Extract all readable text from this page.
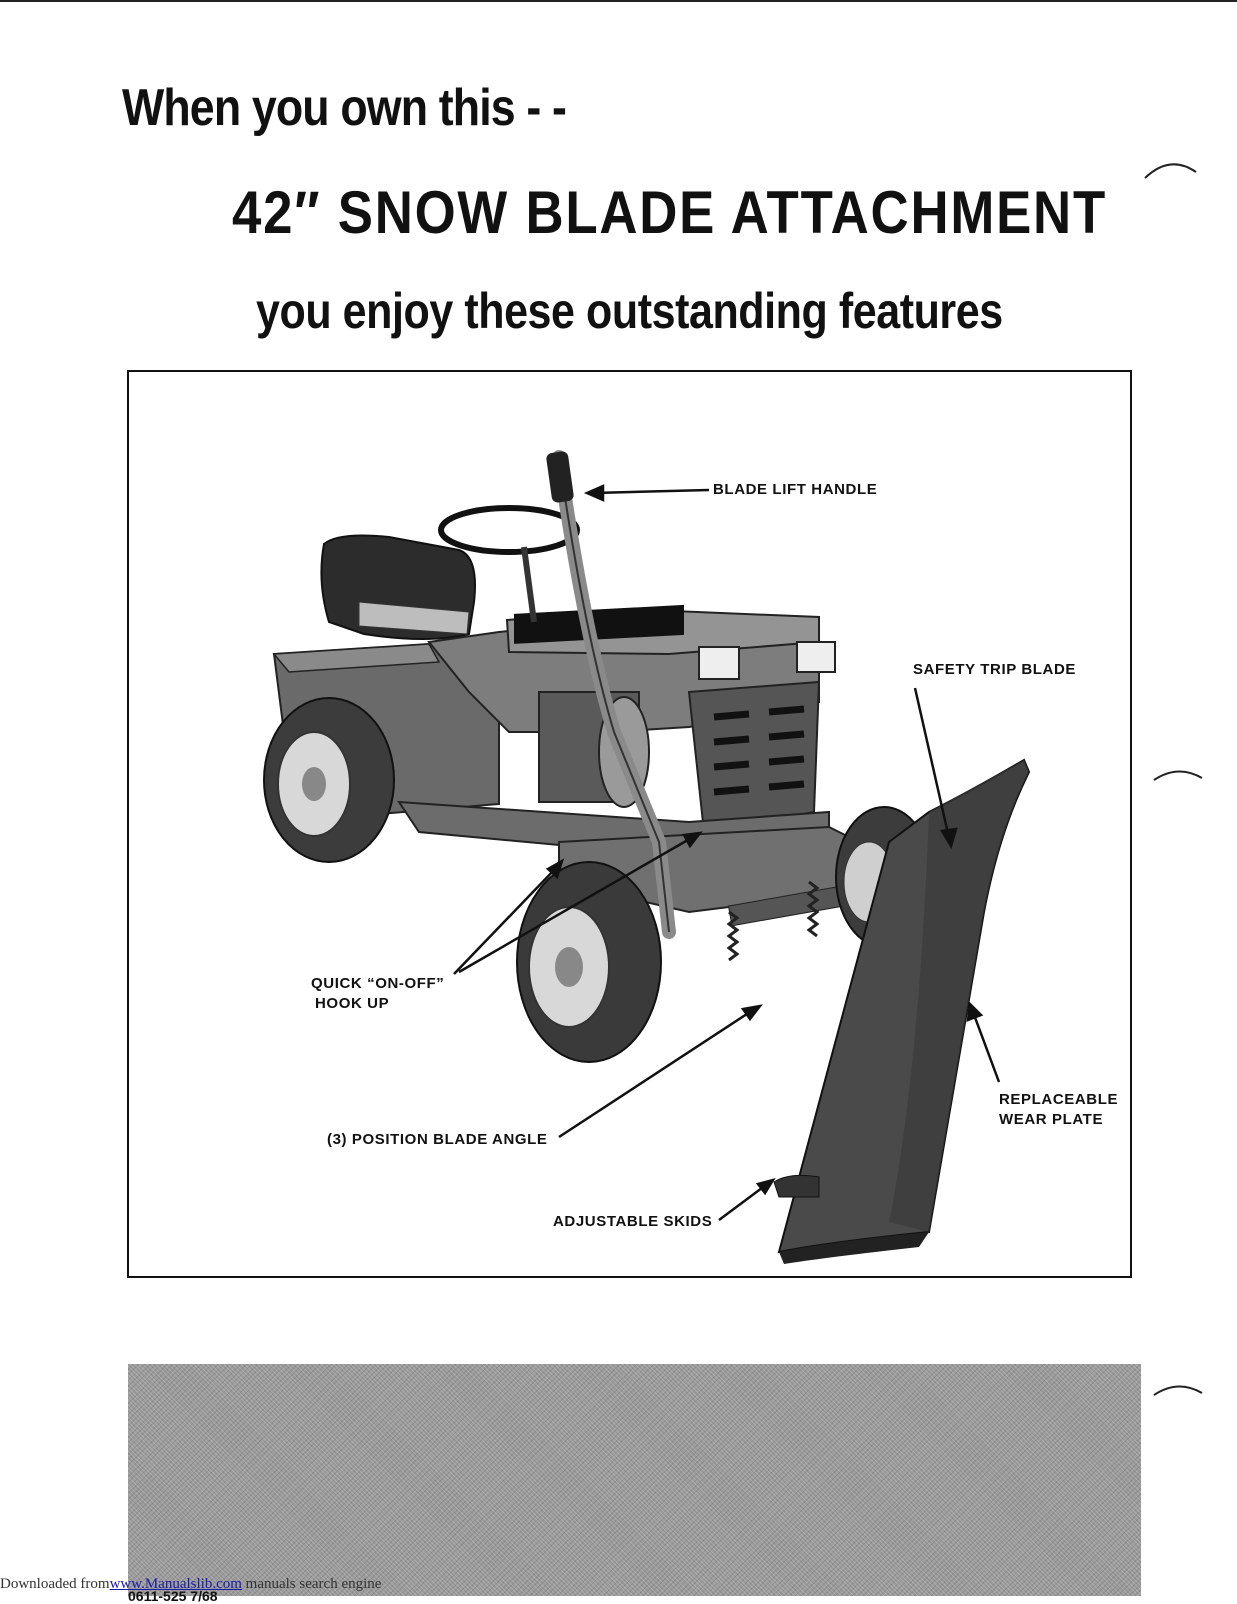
When you own this - -
42″ SNOW BLADE ATTACHMENT
you enjoy these outstanding features
BLADE LIFT HANDLE
SAFETY TRIP BLADE
QUICK “ON-OFF”
HOOK UP
(3) POSITION BLADE ANGLE
REPLACEABLE
WEAR PLATE
ADJUSTABLE SKIDS
Downloaded fromwww.Manualslib.com manuals search engine
0611-525 7/68
